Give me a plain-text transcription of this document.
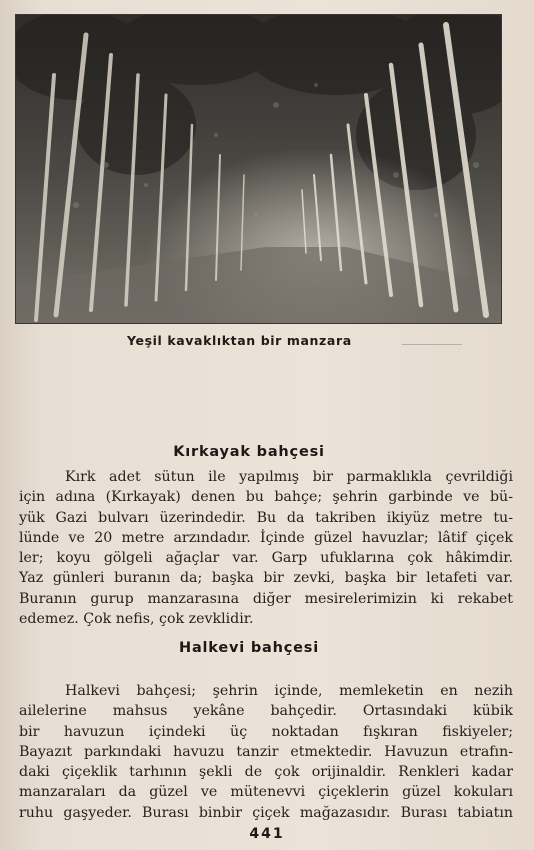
Yeşil kavaklıktan bir manzara
Kırkayak bahçesi
Kırk adet sütun ile yapılmış bir parmaklıkla çevrildiği
için adına (Kırkayak) denen bu bahçe; şehrin garbinde ve bü-
yük Gazi bulvarı üzerindedir. Bu da takriben ikiyüz metre tu-
lünde ve 20 metre arzındadır. İçinde güzel havuzlar; lâtif çiçek
ler; koyu gölgeli ağaçlar var. Garp ufuklarına çok hâkimdir.
Yaz günleri buranın da; başka bir zevki, başka bir letafeti var.
Buranın gurup manzarasına diğer mesirelerimizin ki rekabet
edemez. Çok nefis, çok zevklidir.
Halkevi bahçesi
Halkevi bahçesi; şehrin içinde, memleketin en nezih
ailelerine mahsus yekâne bahçedir. Ortasındaki kübik
bir havuzun içindeki üç noktadan fışkıran fiskiyeler;
Bayazıt parkındaki havuzu tanzir etmektedir. Havuzun etrafın-
daki çiçeklik tarhının şekli de çok orijinaldir. Renkleri kadar
manzaraları da güzel ve mütenevvi çiçeklerin güzel kokuları
ruhu gaşyeder. Burası binbir çiçek mağazasıdır. Burası tabiatın
441
